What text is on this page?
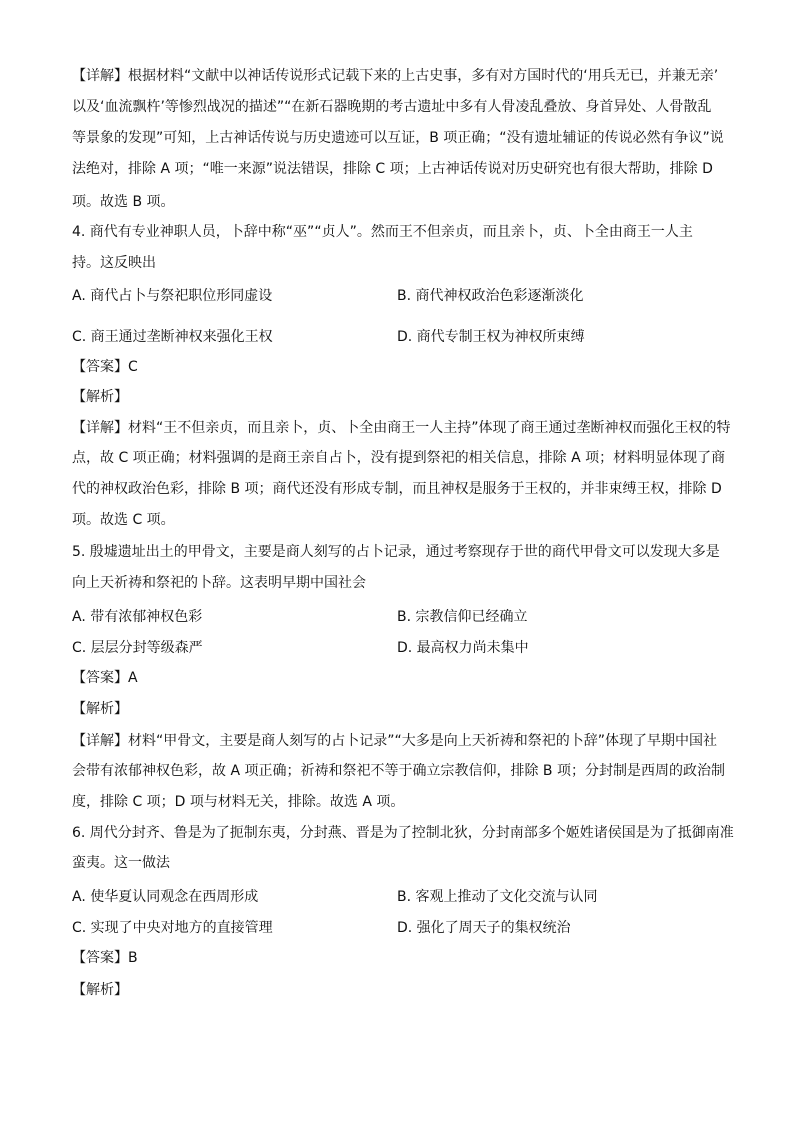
【详解】根据材料“文献中以神话传说形式记载下来的上古史事，多有对方国时代的‘用兵无已，并兼无亲’
以及‘血流飘杵’等惨烈战况的描述”“在新石器晚期的考古遗址中多有人骨凌乱叠放、身首异处、人骨散乱
等景象的发现”可知，上古神话传说与历史遗迹可以互证，B 项正确；“没有遗址辅证的传说必然有争议”说
法绝对，排除 A 项；“唯一来源”说法错误，排除 C 项；上古神话传说对历史研究也有很大帮助，排除 D
项。故选 B 项。
4. 商代有专业神职人员，卜辞中称“巫”“贞人”。然而王不但亲贞，而且亲卜，贞、卜全由商王一人主
持。这反映出
A. 商代占卜与祭祀职位形同虚设	B. 商代神权政治色彩逐渐淡化
C. 商王通过垄断神权来强化王权	D. 商代专制王权为神权所束缚
【答案】C
【解析】
【详解】材料“王不但亲贞，而且亲卜，贞、卜全由商王一人主持”体现了商王通过垄断神权而强化王权的特
点，故 C 项正确；材料强调的是商王亲自占卜，没有提到祭祀的相关信息，排除 A 项；材料明显体现了商
代的神权政治色彩，排除 B 项；商代还没有形成专制，而且神权是服务于王权的，并非束缚王权，排除 D
项。故选 C 项。
5. 殷墟遗址出土的甲骨文，主要是商人刻写的占卜记录，通过考察现存于世的商代甲骨文可以发现大多是
向上天祈祷和祭祀的卜辞。这表明早期中国社会
A. 带有浓郁神权色彩	B. 宗教信仰已经确立
C. 层层分封等级森严	D. 最高权力尚未集中
【答案】A
【解析】
【详解】材料“甲骨文，主要是商人刻写的占卜记录”“大多是向上天祈祷和祭祀的卜辞”体现了早期中国社
会带有浓郁神权色彩，故 A 项正确；祈祷和祭祀不等于确立宗教信仰，排除 B 项；分封制是西周的政治制
度，排除 C 项；D 项与材料无关，排除。故选 A 项。
6. 周代分封齐、鲁是为了扼制东夷，分封燕、晋是为了控制北狄，分封南部多个姬姓诸侯国是为了抵御南准
蛮夷。这一做法
A. 使华夏认同观念在西周形成	B. 客观上推动了文化交流与认同
C. 实现了中央对地方的直接管理	D. 强化了周天子的集权统治
【答案】B
【解析】
